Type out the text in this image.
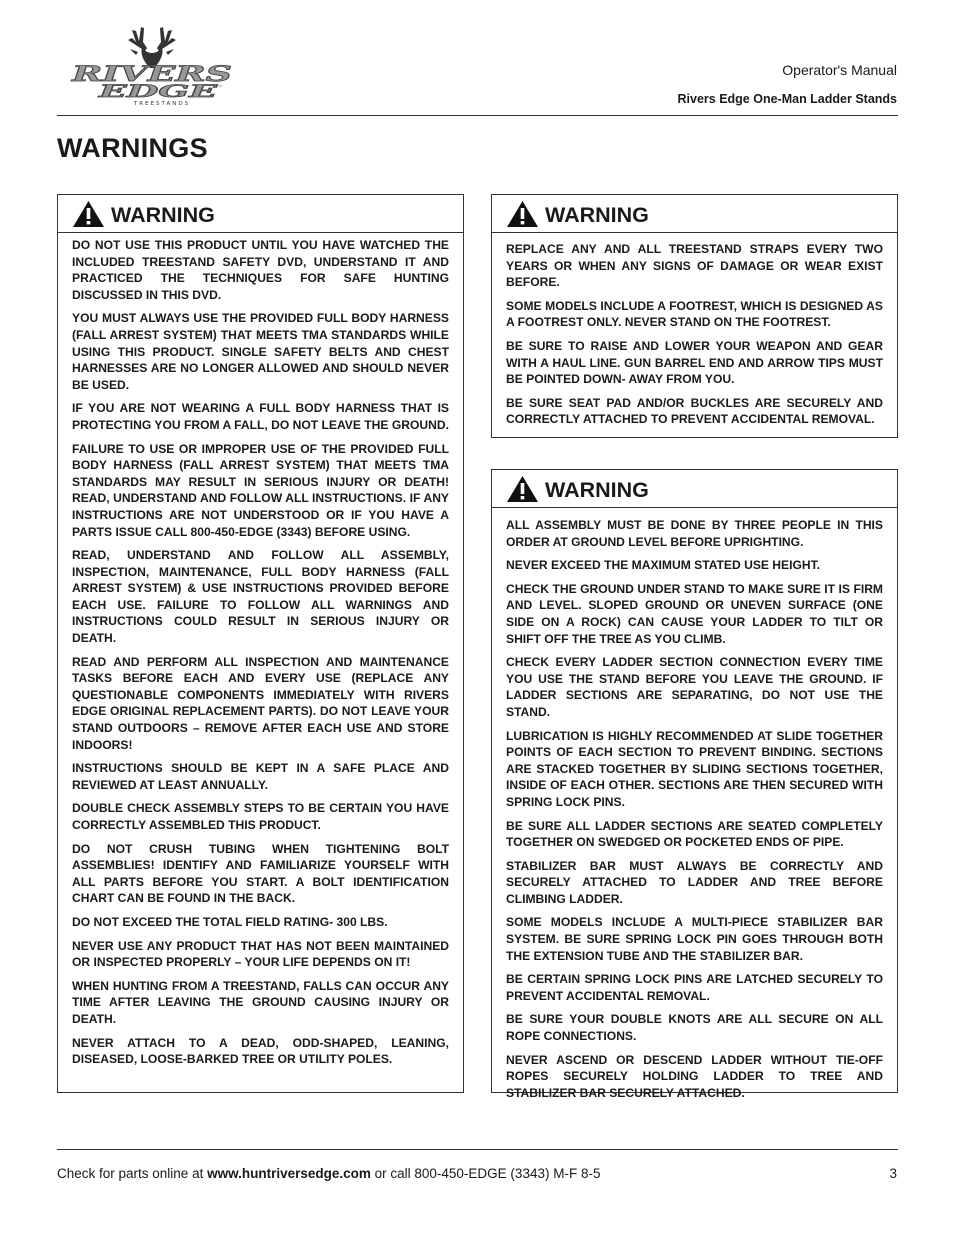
RIVERS
EDGE
™
TREESTANDS
Operator's Manual
Rivers Edge One-Man Ladder Stands
WARNINGS
WARNING

DO NOT USE THIS PRODUCT UNTIL YOU HAVE WATCHED THE INCLUDED TREESTAND SAFETY DVD, UNDERSTAND IT AND PRACTICED THE TECHNIQUES FOR SAFE HUNTING DISCUSSED IN THIS DVD.

YOU MUST ALWAYS USE THE PROVIDED FULL BODY HARNESS (FALL ARREST SYSTEM) THAT MEETS TMA STANDARDS WHILE USING THIS PRODUCT. SINGLE SAFETY BELTS AND CHEST HARNESSES ARE NO LONGER ALLOWED AND SHOULD NEVER BE USED.

IF YOU ARE NOT WEARING A FULL BODY HARNESS THAT IS PROTECTING YOU FROM A FALL, DO NOT LEAVE THE GROUND.

FAILURE TO USE OR IMPROPER USE OF THE PROVIDED FULL BODY HARNESS (FALL ARREST SYSTEM) THAT MEETS TMA STANDARDS MAY RESULT IN SERIOUS INJURY OR DEATH! READ, UNDERSTAND AND FOLLOW ALL INSTRUCTIONS. IF ANY INSTRUCTIONS ARE NOT UNDERSTOOD OR IF YOU HAVE A PARTS ISSUE CALL 800-450-EDGE (3343) BEFORE USING.

READ, UNDERSTAND AND FOLLOW ALL ASSEMBLY, INSPECTION, MAINTENANCE, FULL BODY HARNESS (FALL ARREST SYSTEM) & USE INSTRUCTIONS PROVIDED BEFORE EACH USE. FAILURE TO FOLLOW ALL WARNINGS AND INSTRUCTIONS COULD RESULT IN SERIOUS INJURY OR DEATH.

READ AND PERFORM ALL INSPECTION AND MAINTENANCE TASKS BEFORE EACH AND EVERY USE (REPLACE ANY QUESTIONABLE COMPONENTS IMMEDIATELY WITH RIVERS EDGE ORIGINAL REPLACEMENT PARTS). DO NOT LEAVE YOUR STAND OUTDOORS – REMOVE AFTER EACH USE AND STORE INDOORS!

INSTRUCTIONS SHOULD BE KEPT IN A SAFE PLACE AND REVIEWED AT LEAST ANNUALLY.

DOUBLE CHECK ASSEMBLY STEPS TO BE CERTAIN YOU HAVE CORRECTLY ASSEMBLED THIS PRODUCT.

DO NOT CRUSH TUBING WHEN TIGHTENING BOLT ASSEMBLIES! IDENTIFY AND FAMILIARIZE YOURSELF WITH ALL PARTS BEFORE YOU START. A BOLT IDENTIFICATION CHART CAN BE FOUND IN THE BACK.

DO NOT EXCEED THE TOTAL FIELD RATING- 300 LBS.

NEVER USE ANY PRODUCT THAT HAS NOT BEEN MAINTAINED OR INSPECTED PROPERLY – YOUR LIFE DEPENDS ON IT!

WHEN HUNTING FROM A TREESTAND, FALLS CAN OCCUR ANY TIME AFTER LEAVING THE GROUND CAUSING INJURY OR DEATH.

NEVER ATTACH TO A DEAD, ODD-SHAPED, LEANING, DISEASED, LOOSE-BARKED TREE OR UTILITY POLES.

WARNING

REPLACE ANY AND ALL TREESTAND STRAPS EVERY TWO YEARS OR WHEN ANY SIGNS OF DAMAGE OR WEAR EXIST BEFORE.

SOME MODELS INCLUDE A FOOTREST, WHICH IS DESIGNED AS A FOOTREST ONLY. NEVER STAND ON THE FOOTREST.

BE SURE TO RAISE AND LOWER YOUR WEAPON AND GEAR WITH A HAUL LINE. GUN BARREL END AND ARROW TIPS MUST BE POINTED DOWN- AWAY FROM YOU.

BE SURE SEAT PAD AND/OR BUCKLES ARE SECURELY AND CORRECTLY ATTACHED TO PREVENT ACCIDENTAL REMOVAL.

WARNING

ALL ASSEMBLY MUST BE DONE BY THREE PEOPLE IN THIS ORDER AT GROUND LEVEL BEFORE UPRIGHTING.

NEVER EXCEED THE MAXIMUM STATED USE HEIGHT.

CHECK THE GROUND UNDER STAND TO MAKE SURE IT IS FIRM AND LEVEL. SLOPED GROUND OR UNEVEN SURFACE (ONE SIDE ON A ROCK) CAN CAUSE YOUR LADDER TO TILT OR SHIFT OFF THE TREE AS YOU CLIMB.

CHECK EVERY LADDER SECTION CONNECTION EVERY TIME YOU USE THE STAND BEFORE YOU LEAVE THE GROUND. IF LADDER SECTIONS ARE SEPARATING, DO NOT USE THE STAND.

LUBRICATION IS HIGHLY RECOMMENDED AT SLIDE TOGETHER POINTS OF EACH SECTION TO PREVENT BINDING. SECTIONS ARE STACKED TOGETHER BY SLIDING SECTIONS TOGETHER, INSIDE OF EACH OTHER. SECTIONS ARE THEN SECURED WITH SPRING LOCK PINS.

BE SURE ALL LADDER SECTIONS ARE SEATED COMPLETELY TOGETHER ON SWEDGED OR POCKETED ENDS OF PIPE.

STABILIZER BAR MUST ALWAYS BE CORRECTLY AND SECURELY ATTACHED TO LADDER AND TREE BEFORE CLIMBING LADDER.

SOME MODELS INCLUDE A MULTI-PIECE STABILIZER BAR SYSTEM. BE SURE SPRING LOCK PIN GOES THROUGH BOTH THE EXTENSION TUBE AND THE STABILIZER BAR.

BE CERTAIN SPRING LOCK PINS ARE LATCHED SECURELY TO PREVENT ACCIDENTAL REMOVAL.

BE SURE YOUR DOUBLE KNOTS ARE ALL SECURE ON ALL ROPE CONNECTIONS.

NEVER ASCEND OR DESCEND LADDER WITHOUT TIE-OFF ROPES SECURELY HOLDING LADDER TO TREE AND STABILIZER BAR SECURELY ATTACHED.

Check for parts online at www.huntriversedge.com or call 800-450-EDGE (3343) M-F 8-5	3
